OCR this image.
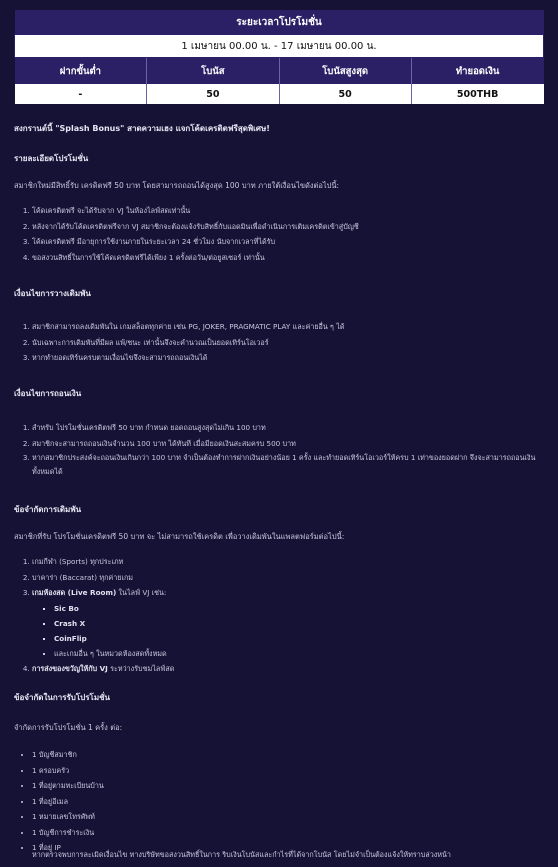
ระยะเวลาโปรโมชั่น			
1 เมษายน 00.00 น. - 17 เมษายน 00.00 น.			
ฝากขั้นต่ำ	โบนัส	โบนัสสูงสุด	ทำยอดเงิน
-	50	50	500THB
สงกรานต์นี้ "Splash Bonus" สาดความเฮง แจกโค้ดเครดิตฟรีสุดพิเศษ!
รายละเอียดโปรโมชั่น
สมาชิกใหม่มีสิทธิ์รับ เครดิตฟรี 50 บาท โดยสามารถถอนได้สูงสุด 100 บาท ภายใต้เงื่อนไขดังต่อไปนี้:
1. โค้ดเครดิตฟรี จะได้รับจาก VJ ในห้องไลฟ์สดเท่านั้น
2. หลังจากได้รับโค้ดเครดิตฟรีจาก VJ สมาชิกจะต้องแจ้งรับสิทธิ์กับแอดมินเพื่อดำเนินการเติมเครดิตเข้าสู่บัญชี
3. โค้ดเครดิตฟรี มีอายุการใช้งานภายในระยะเวลา 24 ชั่วโมง นับจากเวลาที่ได้รับ
4. ขอสงวนสิทธิ์ในการใช้โค้ดเครดิตฟรีได้เพียง 1 ครั้งต่อวัน/ต่อยูสเซอร์ เท่านั้น
เงื่อนไขการวางเดิมพัน
1. สมาชิกสามารถลงเดิมพันใน เกมสล็อตทุกค่าย เช่น PG, JOKER, PRAGMATIC PLAY และค่ายอื่น ๆ ได้
2. นับเฉพาะการเดิมพันที่มีผล แพ้/ชนะ เท่านั้นจึงจะคำนวณเป็นยอดเทิร์นโอเวอร์
3. หากทำยอดเทิร์นครบตามเงื่อนไขจึงจะสามารถถอนเงินได้
เงื่อนไขการถอนเงิน
1. สำหรับ โปรโมชั่นเครดิตฟรี 50 บาท กำหนด ยอดถอนสูงสุดไม่เกิน 100 บาท
2. สมาชิกจะสามารถถอนเงินจำนวน 100 บาท ได้ทันที เมื่อมียอดเงินสะสมครบ 500 บาท
3. หากสมาชิกประสงค์จะถอนเงินเกินกว่า 100 บาท จำเป็นต้องทำการฝากเงินอย่างน้อย 1 ครั้ง และทำยอดเทิร์นโอเวอร์ให้ครบ 1 เท่าของยอดฝาก จึงจะสามารถถอนเงินทั้งหมดได้
ข้อจำกัดการเดิมพัน
สมาชิกที่รับ โปรโมชั่นเครดิตฟรี 50 บาท จะ ไม่สามารถใช้เครดิต เพื่อวางเดิมพันในแพลตฟอร์มต่อไปนี้:
1. เกมกีฬา (Sports) ทุกประเภท
2. บาคาร่า (Baccarat) ทุกค่ายเกม
3. เกมห้องสด (Live Room) ในไลฟ์ VJ เช่น:
▪ Sic Bo
▪ Crash X
▪ CoinFlip
▪ และเกมอื่น ๆ ในหมวดห้องสดทั้งหมด
4. การส่งของขวัญให้กับ VJ ระหว่างรับชมไลฟ์สด
ข้อจำกัดในการรับโปรโมชั่น
จำกัดการรับโปรโมชั่น 1 ครั้ง ต่อ:
• 1 บัญชีสมาชิก
• 1 ครอบครัว
• 1 ที่อยู่ตามทะเบียนบ้าน
• 1 ที่อยู่อีเมล
• 1 หมายเลขโทรศัพท์
• 1 บัญชีการชำระเงิน
• 1 ที่อยู่ IP
หากตรวจพบการละเมิดเงื่อนไข ทางบริษัทขอสงวนสิทธิ์ในการ ริบเงินโบนัสและกำไรที่ได้จากโบนัส โดยไม่จำเป็นต้องแจ้งให้ทราบล่วงหน้า
